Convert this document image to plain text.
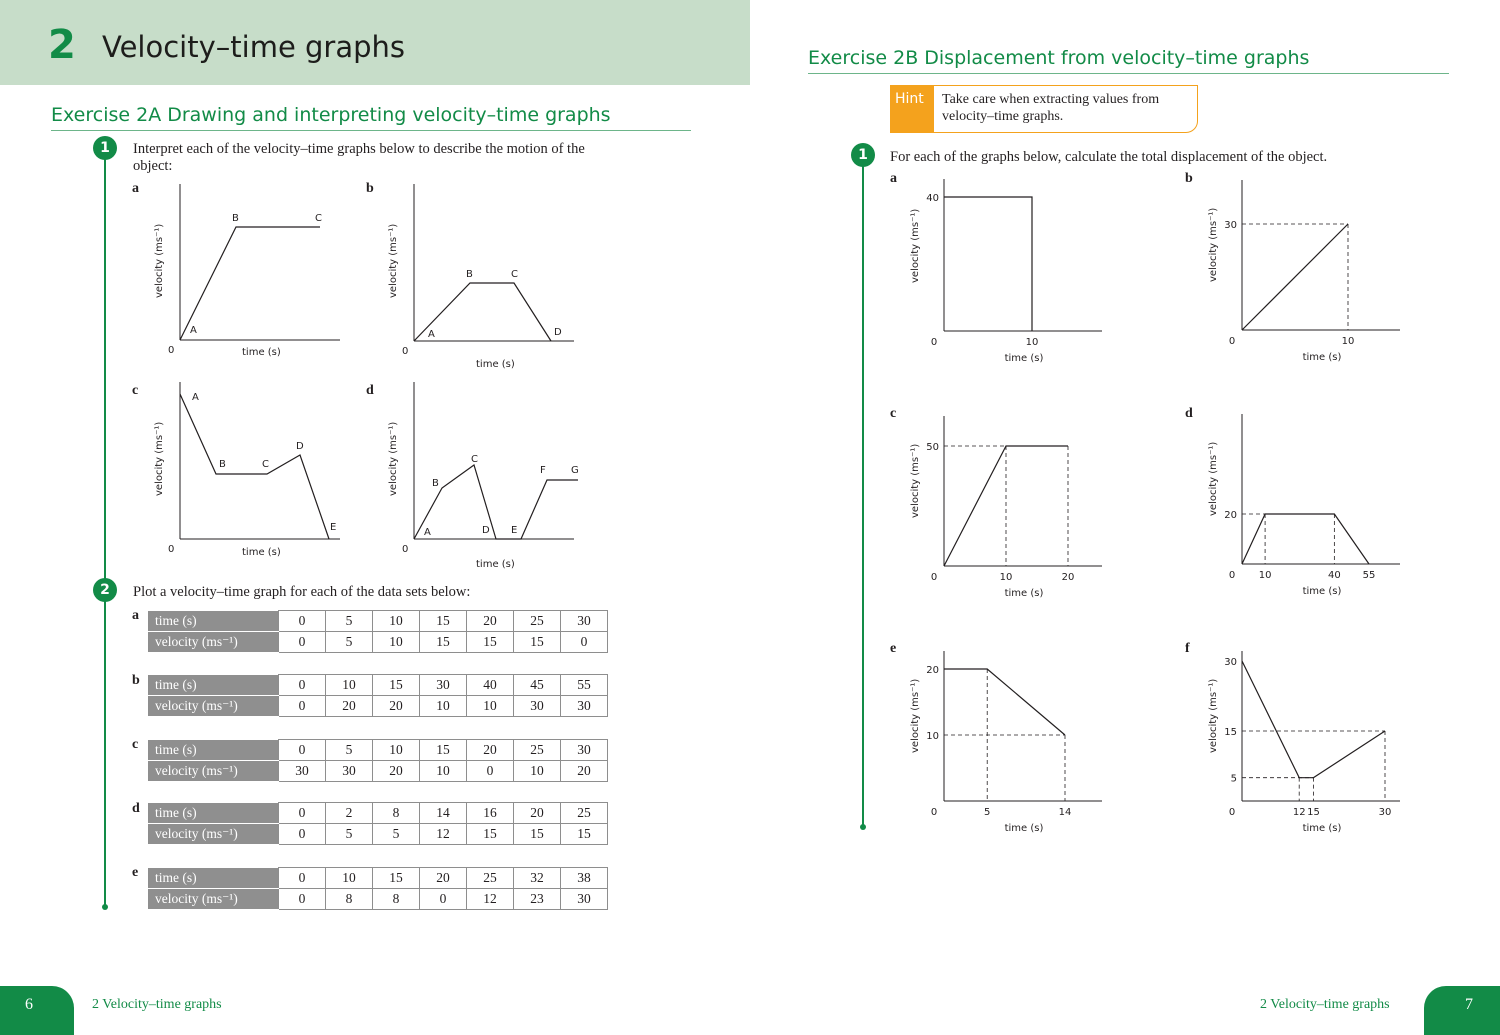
2 Velocity–time graphs
Exercise 2A Drawing and interpreting velocity–time graphs
1	Interpret each of the velocity–time graphs below to describe the motion of the object:
a
A
B	C
0	time (s)
velocity (ms⁻¹)
b
A
B	C
D
0
time (s)
velocity (ms⁻¹)
c	A
B	C
D
E
0	time (s)
velocity (ms⁻¹)
d
A
B
C
D E
F	G
0
time (s)
velocity (ms⁻¹)
2	Plot a velocity–time graph for each of the data sets below:
a time (s)	0	5	10	15	20	25	30
velocity (ms⁻¹)	0	5	10	15	15	15	0
b time (s)	0	10	15	30	40	45	55
velocity (ms⁻¹)	0	20	20	10	10	30	30
c time (s)	0	5	10	15	20	25	30
velocity (ms⁻¹)	30	30	20	10	0	10	20
d time (s)	0	2	8	14	16	20	25
velocity (ms⁻¹)	0	5	5	12	15	15	15
e time (s)	0	10	15	20	25	32	38
velocity (ms⁻¹)	0	8	8	0	12	23	30
Exercise 2B Displacement from velocity–time graphs
Hint	Take care when extracting values from velocity–time graphs.
1	For each of the graphs below, calculate the total displacement of the object.
a
0	10
40
time (s)
velocity (ms⁻¹)
b
0	10
30
time (s)
velocity (ms⁻¹)
c
0	10	20
50
time (s)
velocity (ms⁻¹)
d
0 10	40 55
20
time (s)
velocity (ms⁻¹)
e
0	5	14
20
10
time (s)
velocity (ms⁻¹)
f
0	12 15	30
30
15
5
time (s)
velocity (ms⁻¹)
6	2 Velocity–time graphs	2 Velocity–time graphs	7
